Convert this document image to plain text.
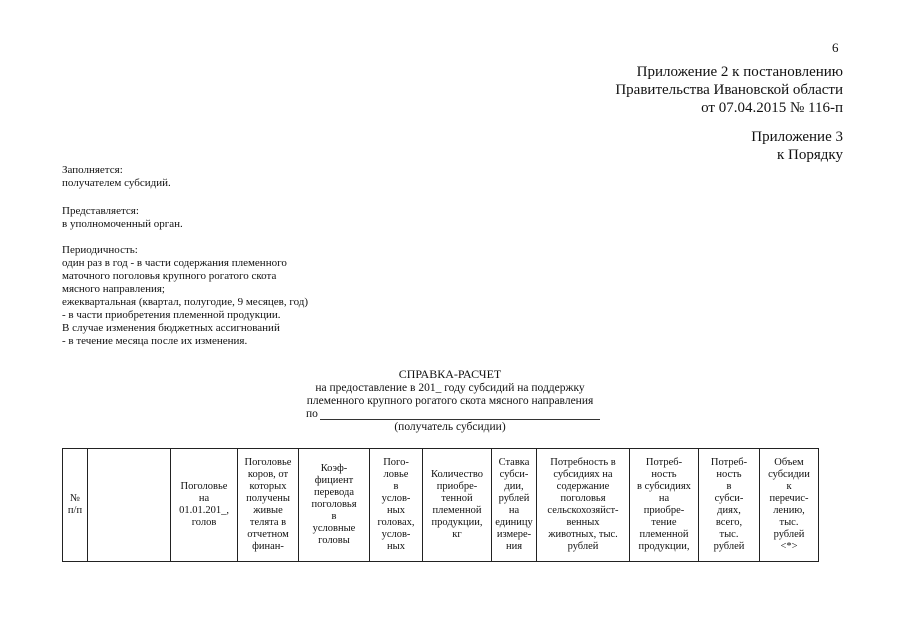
6
Приложение 2 к постановлению
Правительства Ивановской области
от 07.04.2015 № 116-п
Приложение 3
к Порядку
Заполняется:
получателем субсидий.
Представляется:
в уполномоченный орган.
Периодичность:
один раз в год - в части содержания племенного
маточного поголовья крупного рогатого скота
мясного направления;
ежеквартальная (квартал, полугодие, 9 месяцев, год)
- в части приобретения племенной продукции.
В случае изменения бюджетных ассигнований
- в течение месяца после их изменения.
СПРАВКА-РАСЧЕТ
на предоставление в 201_ году субсидий на поддержку
племенного крупного рогатого скота мясного направления
по
(получатель субсидии)
№
п/п

Поголовье
на
01.01.201_,
голов

Поголовье
коров, от
которых
получены
живые
телята в
отчетном
финан-

Коэф-
фициент
перевода
поголовья
в
условные
головы

Пого-
ловье
в
услов-
ных
головах,
услов-
ных

Количество
приобре-
тенной
племенной
продукции,
кг

Ставка
субси-
дии,
рублей
на
единицу
измере-
ния

Потребность в
субсидиях на
содержание
поголовья
сельскохозяйст-
венных
животных, тыс.
рублей

Потреб-
ность
в субсидиях
на
приобре-
тение
племенной
продукции,

Потреб-
ность
в
субси-
диях,
всего,
тыс.
рублей

Объем
субсидии
к
перечис-
лению,
тыс.
рублей
<*>
